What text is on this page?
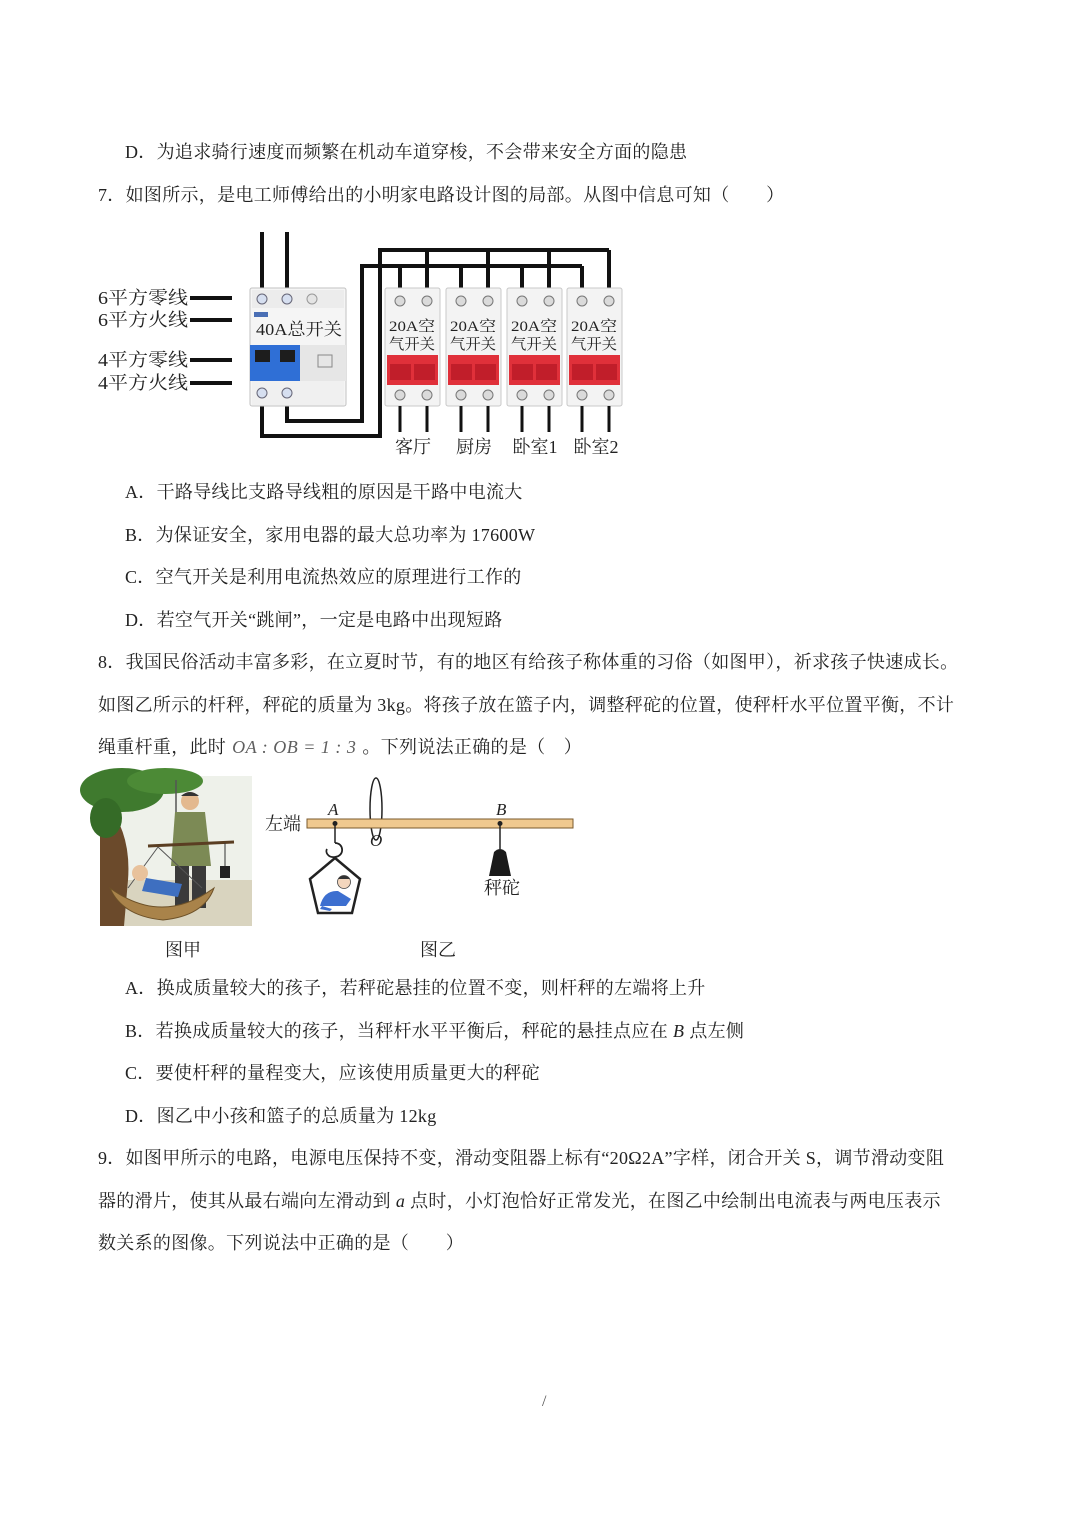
D．为追求骑行速度而频繁在机动车道穿梭，不会带来安全方面的隐患
7．如图所示，是电工师傅给出的小明家电路设计图的局部。从图中信息可知（　　）
6平方零线
6平方火线
4平方零线
4平方火线
40A总开关	20A空
气开关
20A空
气开关
20A空
气开关
20A空
气开关
客厅 厨房 卧室1 卧室2
A．干路导线比支路导线粗的原因是干路中电流大
B．为保证安全，家用电器的最大总功率为 17600W
C．空气开关是利用电流热效应的原理进行工作的
D．若空气开关“跳闸”，一定是电路中出现短路
8．我国民俗活动丰富多彩，在立夏时节，有的地区有给孩子称体重的习俗（如图甲），祈求孩子快速成长。
如图乙所示的杆秤，秤砣的质量为 3kg。将孩子放在篮子内，调整秤砣的位置，使秤杆水平位置平衡，不计
绳重杆重，此时 OA : OB = 1 : 3 。下列说法正确的是（　）
左端
A
O
B
秤砣
图甲	图乙
A．换成质量较大的孩子，若秤砣悬挂的位置不变，则杆秤的左端将上升
B．若换成质量较大的孩子，当秤杆水平平衡后，秤砣的悬挂点应在 B 点左侧
C．要使杆秤的量程变大，应该使用质量更大的秤砣
D．图乙中小孩和篮子的总质量为 12kg
9．如图甲所示的电路，电源电压保持不变，滑动变阻器上标有“20Ω2A”字样，闭合开关 S，调节滑动变阻
器的滑片，使其从最右端向左滑动到 a 点时，小灯泡恰好正常发光，在图乙中绘制出电流表与两电压表示
数关系的图像。下列说法中正确的是（　　）
/
